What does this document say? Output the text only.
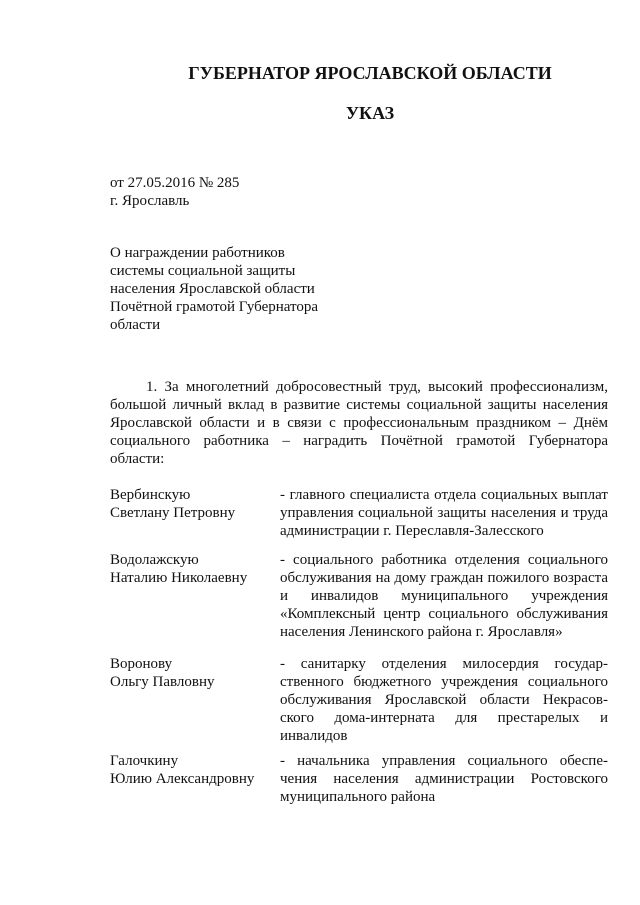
ГУБЕРНАТОР ЯРОСЛАВСКОЙ ОБЛАСТИ
УКАЗ
от 27.05.2016 № 285
г. Ярославль
О награждении работников
системы социальной защиты
населения Ярославской области
Почётной грамотой Губернатора
области
1. За многолетний добросовестный труд, высокий профессионализм, большой личный вклад в развитие системы социальной защиты населения Ярославской области и в связи с профессиональным праздником – Днём социального работника – наградить Почётной грамотой Губернатора области:
Вербинскую
Светлану Петровну
- главного специалиста отдела социальных выплат
управления социальной защиты населения и труда
администрации г. Переславля-Залесского
Водолажскую
Наталию Николаевну
- социального работника отделения социального
обслуживания на дому граждан пожилого возраста
и инвалидов муниципального учреждения
«Комплексный центр социального обслуживания
населения Ленинского района г. Ярославля»
Воронову
Ольгу Павловну
- санитарку отделения милосердия государ-
ственного бюджетного учреждения социального
обслуживания Ярославской области Некрасов-
ского дома-интерната для престарелых и
инвалидов
Галочкину
Юлию Александровну
- начальника управления социального обеспе-
чения населения администрации Ростовского
муниципального района
